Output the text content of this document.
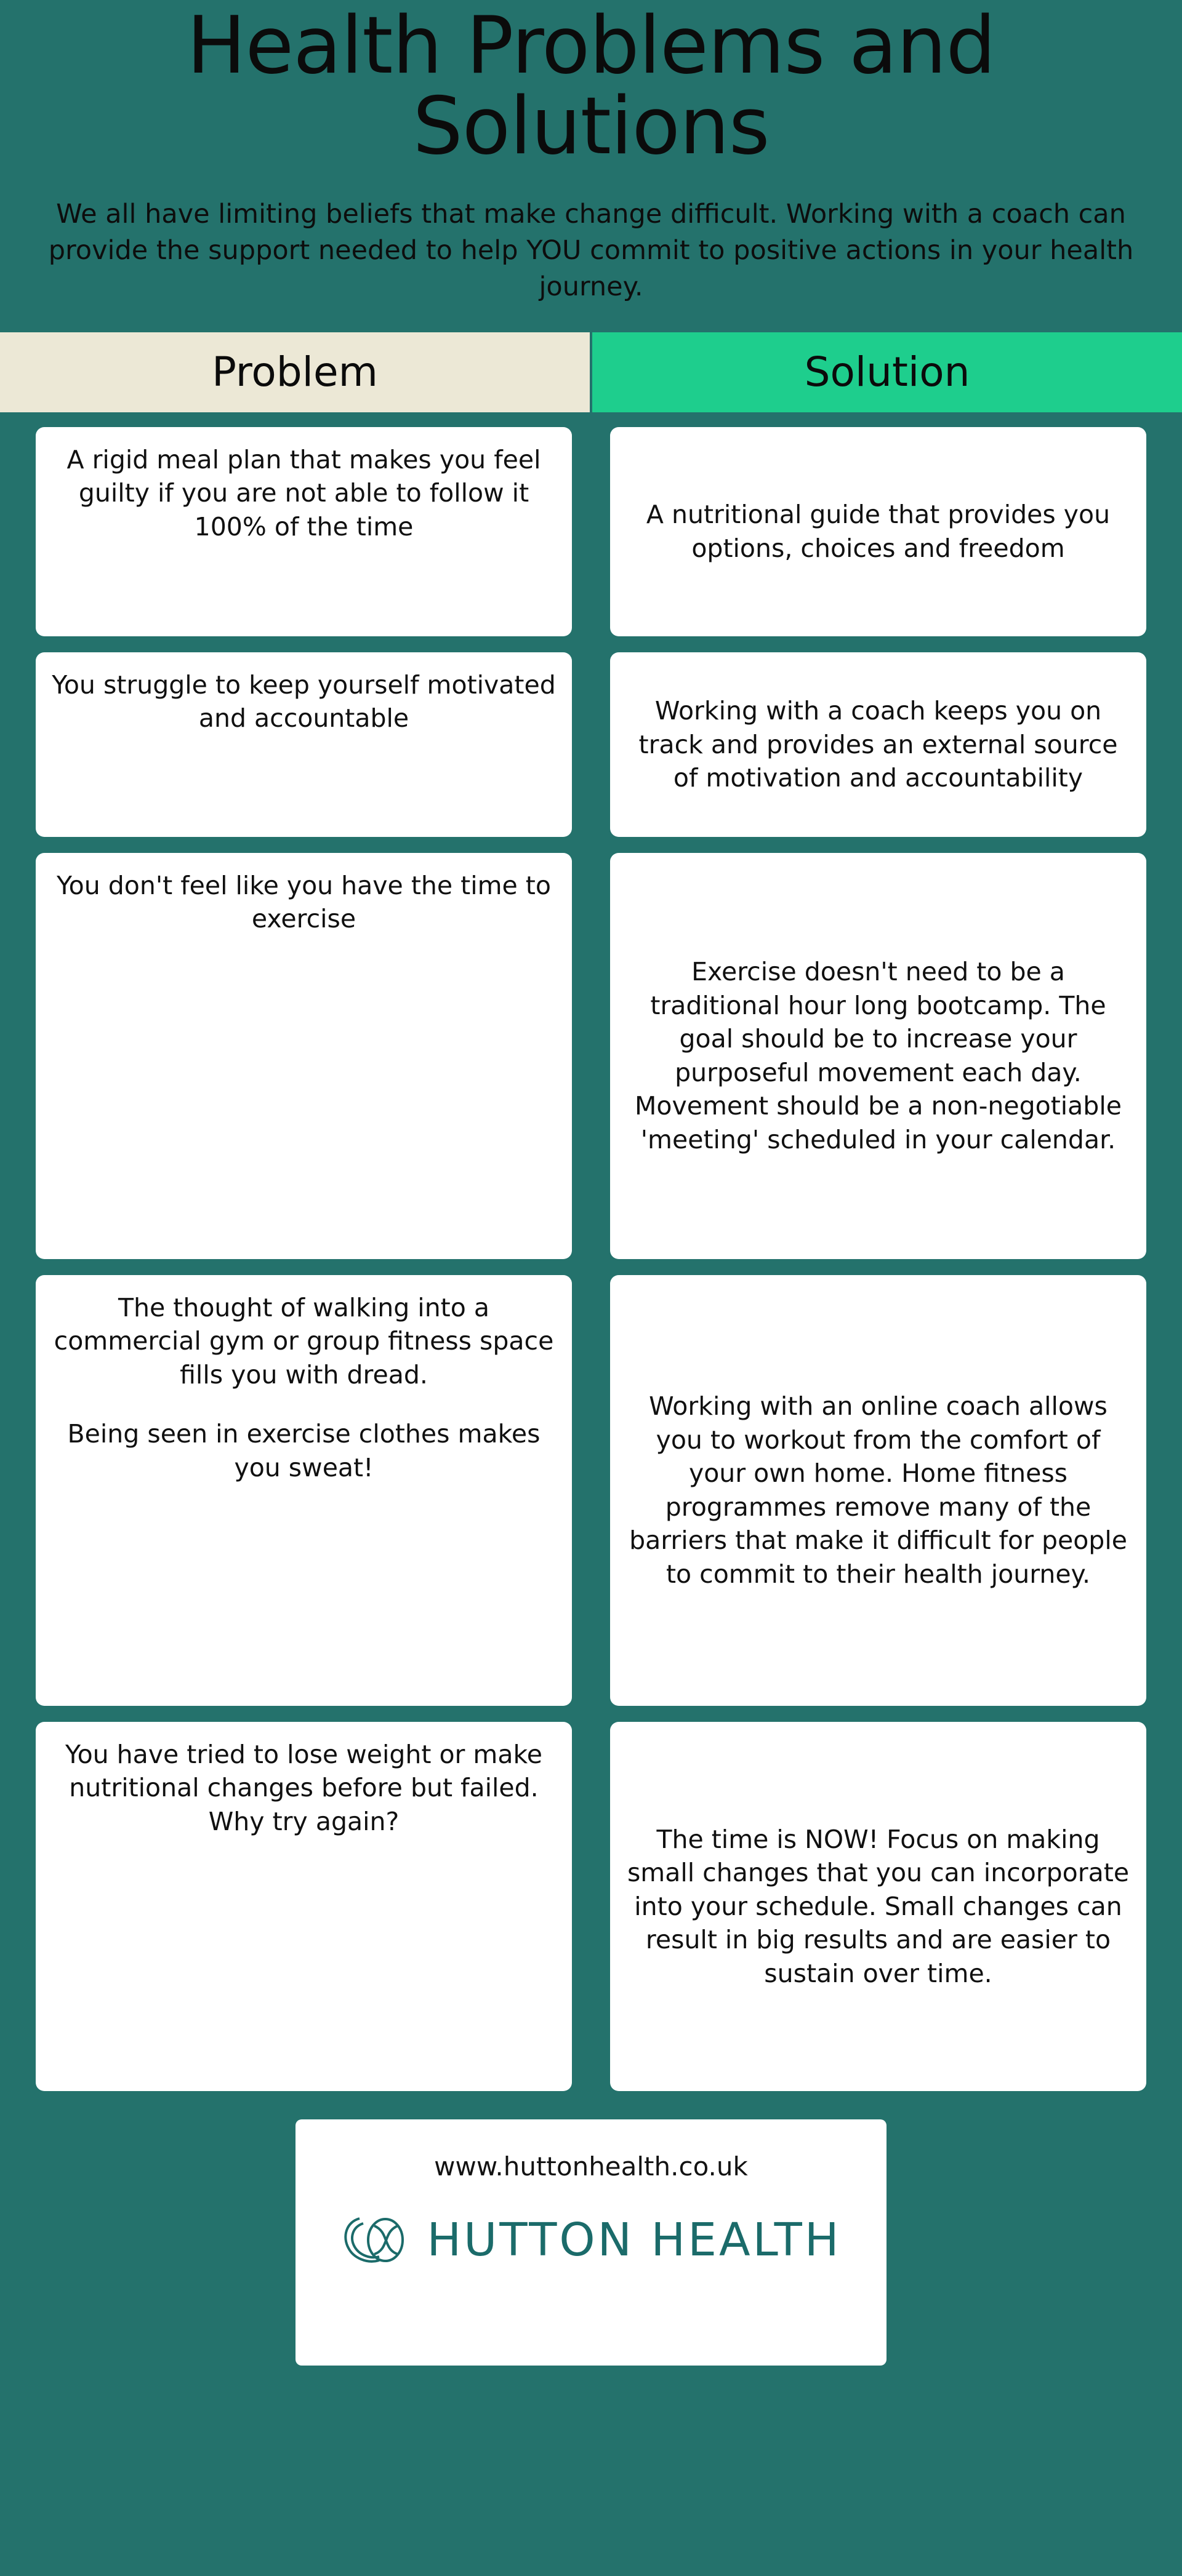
Health Problems and Solutions

We all have limiting beliefs that make change difficult. Working with a coach can provide the support needed to help YOU commit to positive actions in your health journey.

Problem	Solution

A rigid meal plan that makes you feel guilty if you are not able to follow it 100% of the time

You struggle to keep yourself motivated and accountable

You don't feel like you have the time to exercise

The thought of walking into a commercial gym or group fitness space fills you with dread.

Being seen in exercise clothes makes you sweat!

You have tried to lose weight or make nutritional changes before but failed. Why try again?

A nutritional guide that provides you options, choices and freedom

Working with a coach keeps you on track and provides an external source of motivation and accountability

Exercise doesn't need to be a traditional hour long bootcamp. The goal should be to increase your purposeful movement each day. Movement should be a non-negotiable 'meeting' scheduled in your calendar.

Working with an online coach allows you to workout from the comfort of your own home. Home fitness programmes remove many of the barriers that make it difficult for people to commit to their health journey.

The time is NOW! Focus on making small changes that you can incorporate into your schedule. Small changes can result in big results and are easier to sustain over time.

www.huttonhealth.co.uk
HUTTON HEALTH
